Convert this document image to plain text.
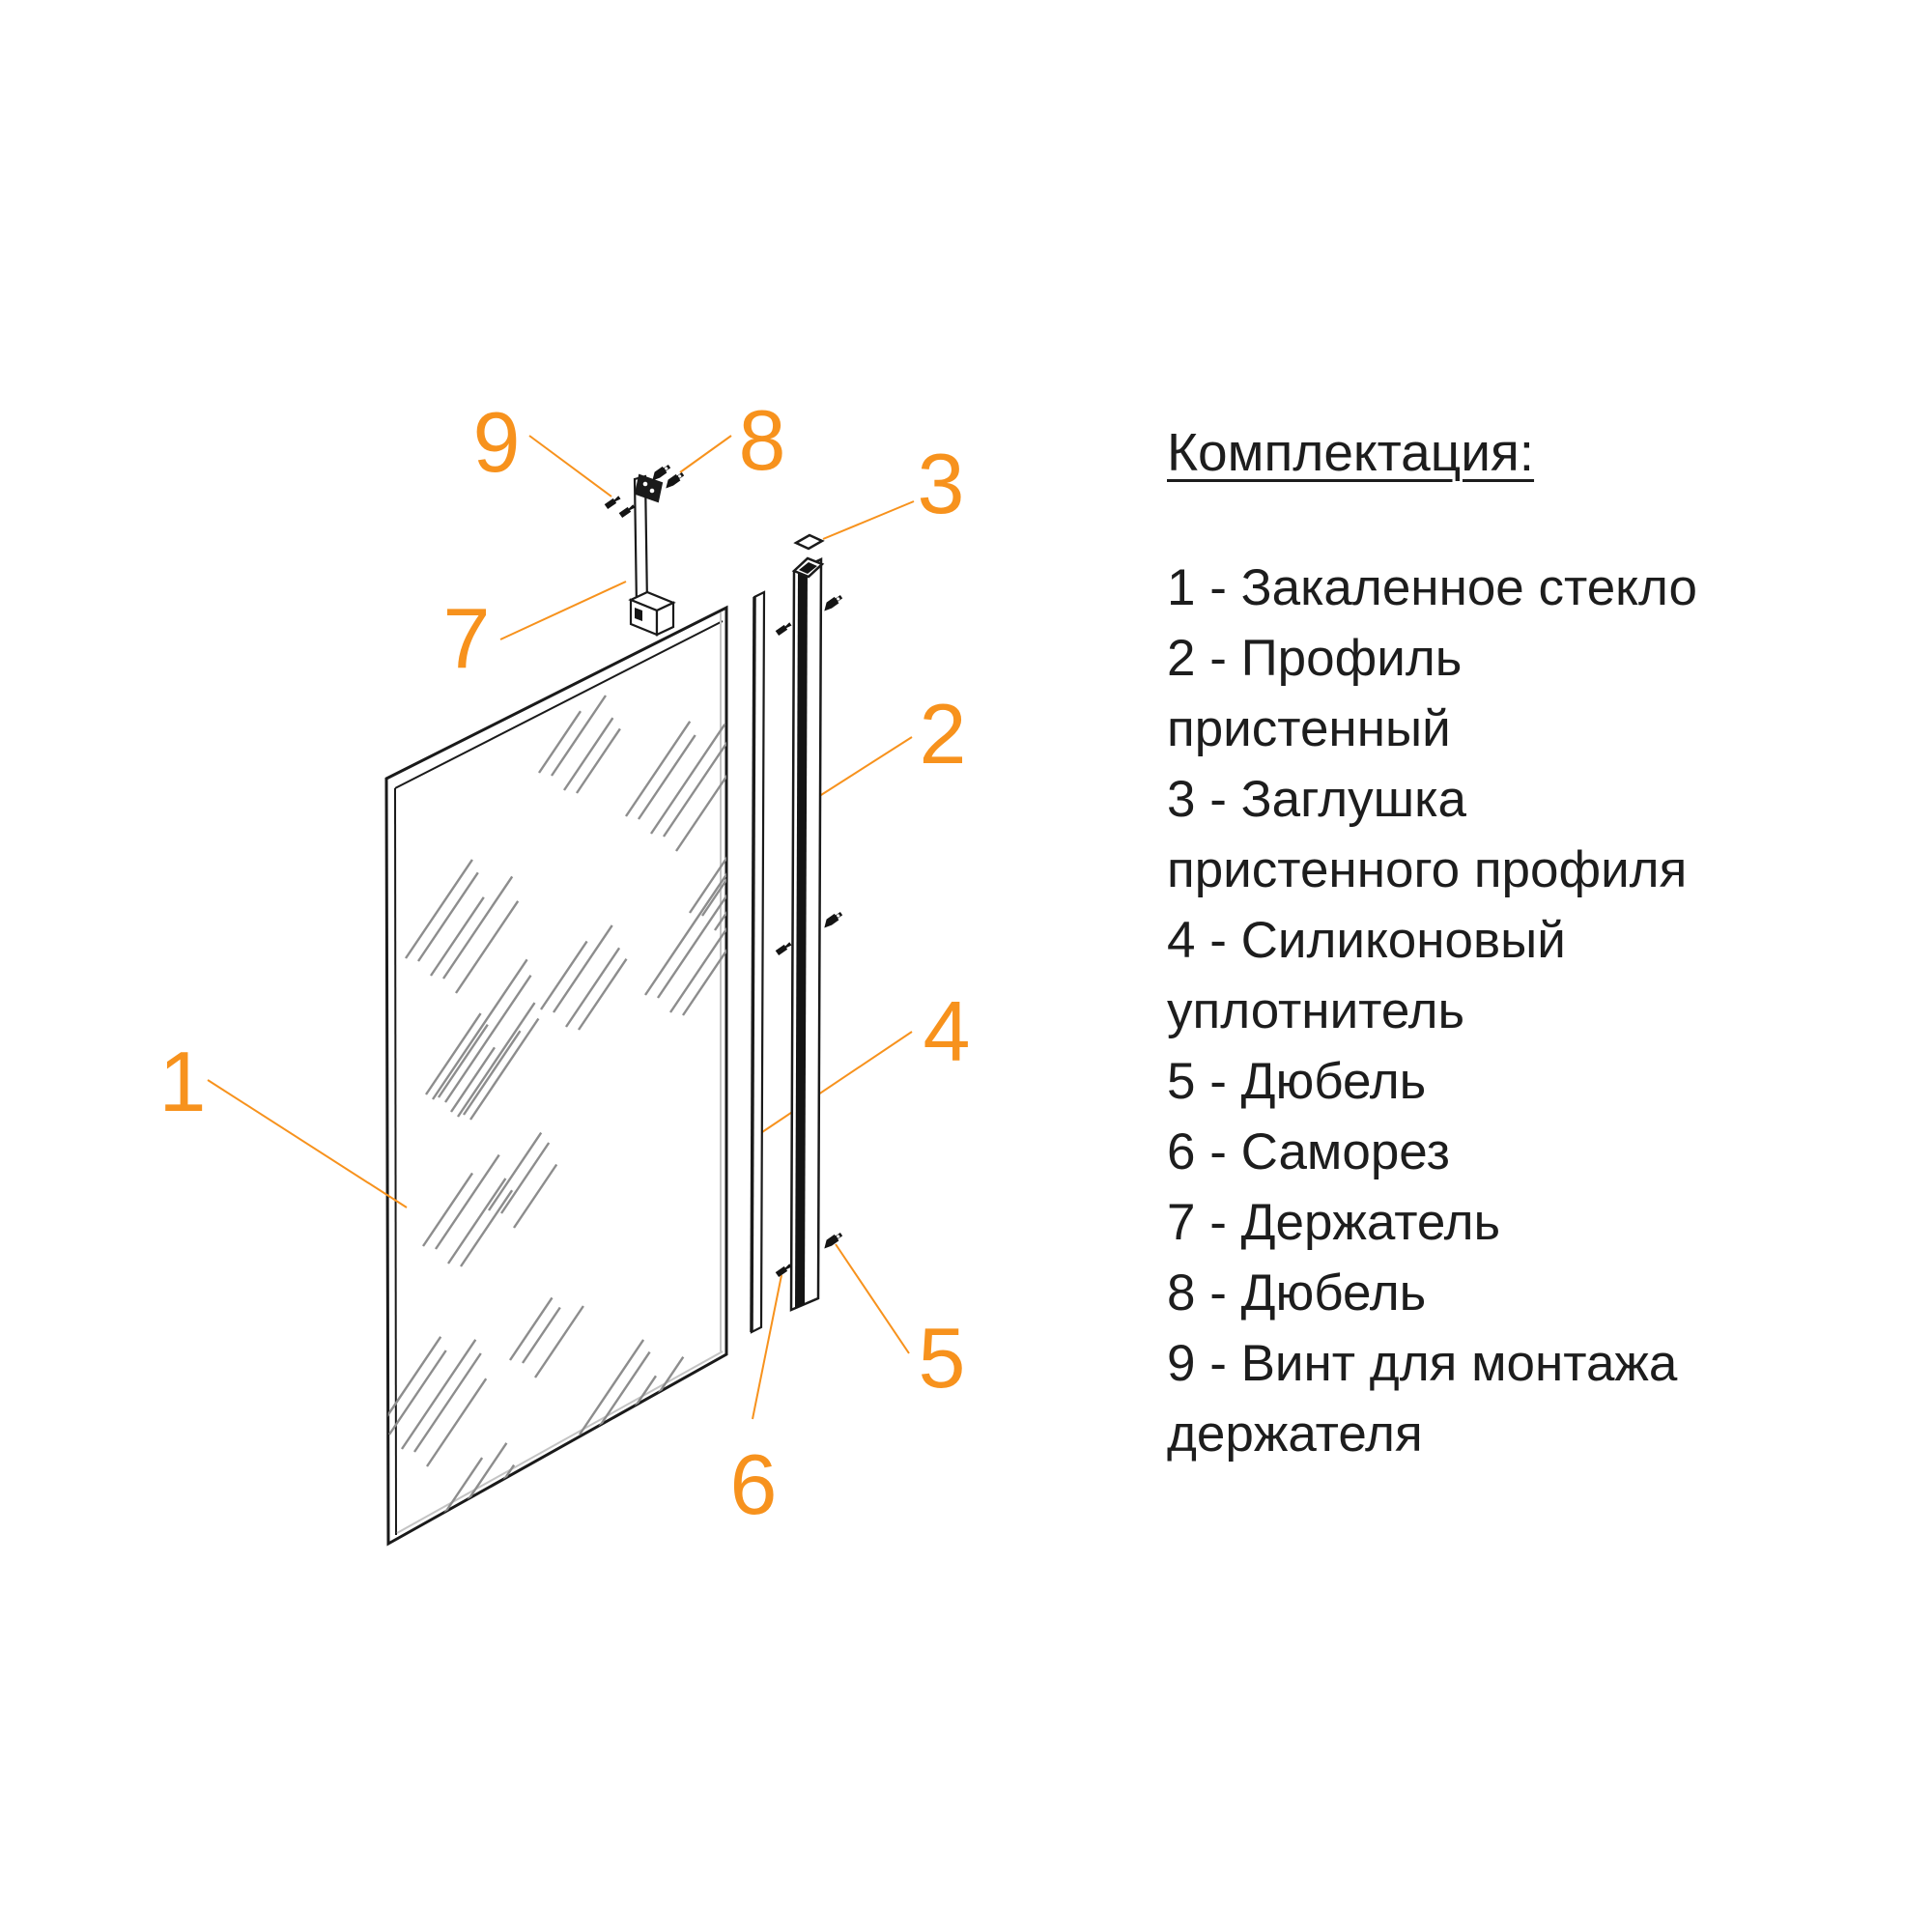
1
2
3
4
5
6
7
8
9	Комплектация:
1 - Закаленное стекло
2 - Профиль
пристенный
3 - Заглушка
пристенного профиля
4 - Силиконовый
уплотнитель
5 - Дюбель
6 - Саморез
7 - Держатель
8 - Дюбель
9 - Винт для монтажа
держателя
